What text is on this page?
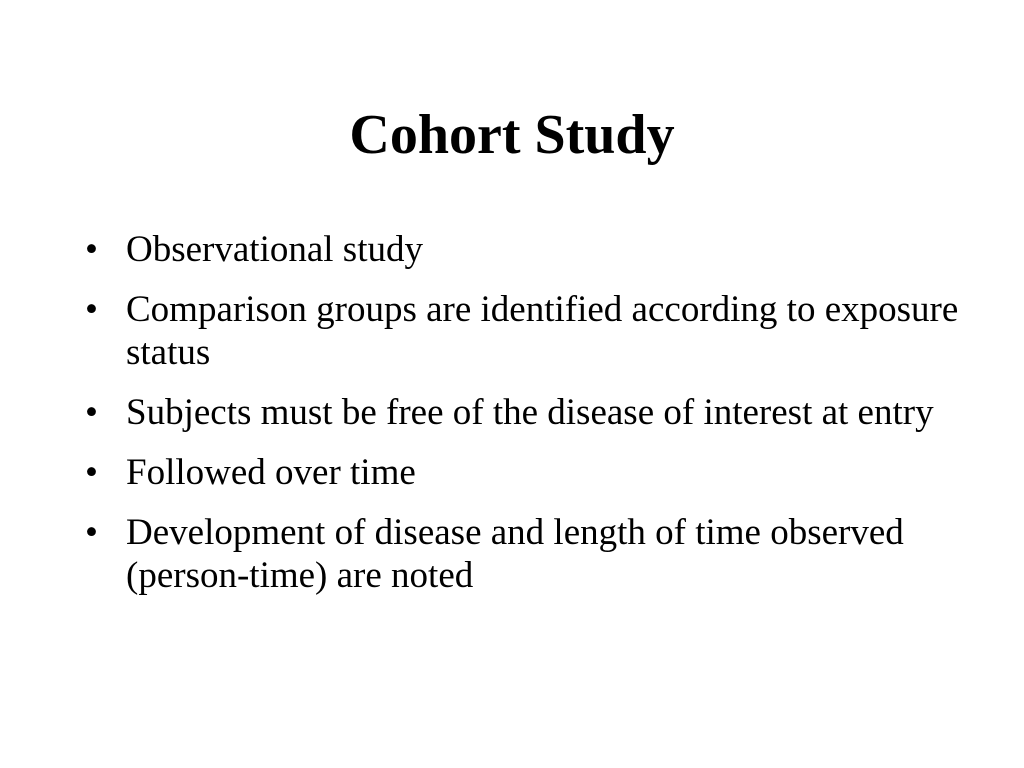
Cohort Study
• Observational study
• Comparison groups are identified according to exposure status
• Subjects must be free of the disease of interest at entry
• Followed over time
• Development of disease and length of time observed (person-time) are noted
